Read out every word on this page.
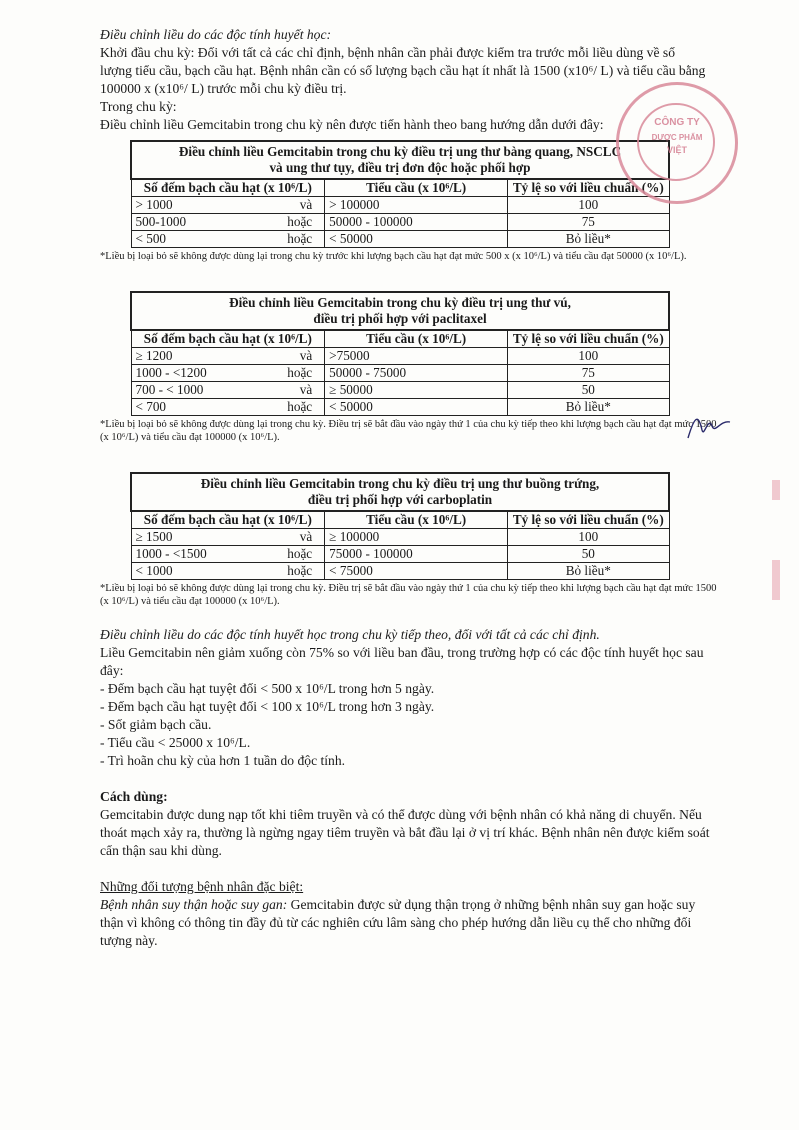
Điều chỉnh liều do các độc tính huyết học:

Khởi đầu chu kỳ: Đối với tất cả các chỉ định, bệnh nhân cần phải được kiểm tra trước mỗi liều dùng về số lượng tiểu cầu, bạch cầu hạt. Bệnh nhân cần có số lượng bạch cầu hạt ít nhất là 1500 (x10⁶/ L) và tiểu cầu bằng 100000 x (x10⁶/ L) trước mỗi chu kỳ điều trị.

Trong chu kỳ:

Điều chỉnh liều Gemcitabin trong chu kỳ nên được tiến hành theo bang hướng dẫn dưới đây:

Điều chỉnh liều Gemcitabin trong chu kỳ điều trị ung thư bàng quang, NSCLC
và ung thư tụy, điều trị đơn độc hoặc phối hợp		

Số đếm bạch cầu hạt (x 10⁶/L)	Tiểu cầu (x 10⁶/L)	Tỷ lệ so với liều chuẩn (%)

> 1000 và	> 100000	100

500-1000 hoặc	50000 - 100000	75

< 500 hoặc	< 50000	Bỏ liều*

*Liều bị loại bỏ sẽ không được dùng lại trong chu kỳ trước khi lượng bạch cầu hạt đạt mức 500 x (x 10⁶/L) và tiểu cầu đạt 50000 (x 10⁶/L).

Điều chỉnh liều Gemcitabin trong chu kỳ điều trị ung thư vú,
điều trị phối hợp với paclitaxel		

Số đếm bạch cầu hạt (x 10⁶/L)	Tiểu cầu (x 10⁶/L)	Tỷ lệ so với liều chuẩn (%)

≥ 1200 và	>75000	100

1000 - <1200 hoặc	50000 - 75000	75

700 - < 1000 và	≥ 50000	50

< 700 hoặc	< 50000	Bỏ liều*

*Liều bị loại bỏ sẽ không được dùng lại trong chu kỳ. Điều trị sẽ bắt đầu vào ngày thứ 1 của chu kỳ tiếp theo khi lượng bạch cầu hạt đạt mức 1500 (x 10⁶/L) và tiểu cầu đạt 100000 (x 10⁶/L).

Điều chỉnh liều Gemcitabin trong chu kỳ điều trị ung thư buồng trứng,
điều trị phối hợp với carboplatin		

Số đếm bạch cầu hạt (x 10⁶/L)	Tiểu cầu (x 10⁶/L)	Tỷ lệ so với liều chuẩn (%)

≥ 1500 và	≥ 100000	100

1000 - <1500 hoặc	75000 - 100000	50

< 1000 hoặc	< 75000	Bỏ liều*

*Liều bị loại bỏ sẽ không được dùng lại trong chu kỳ. Điều trị sẽ bắt đầu vào ngày thứ 1 của chu kỳ tiếp theo khi lượng bạch cầu hạt đạt mức 1500 (x 10⁶/L) và tiểu cầu đạt 100000 (x 10⁶/L).

Điều chỉnh liều do các độc tính huyết học trong chu kỳ tiếp theo, đối với tất cả các chỉ định.

Liều Gemcitabin nên giảm xuống còn 75% so với liều ban đầu, trong trường hợp có các độc tính huyết học sau đây:

- Đếm bạch cầu hạt tuyệt đối < 500 x 10⁶/L trong hơn 5 ngày.
- Đếm bạch cầu hạt tuyệt đối < 100 x 10⁶/L trong hơn 3 ngày.
- Sốt giảm bạch cầu.
- Tiểu cầu < 25000 x 10⁶/L.
- Trì hoãn chu kỳ của hơn 1 tuần do độc tính.

Cách dùng:

Gemcitabin được dung nạp tốt khi tiêm truyền và có thể được dùng với bệnh nhân có khả năng di chuyển. Nếu thoát mạch xảy ra, thường là ngừng ngay tiêm truyền và bắt đầu lại ở vị trí khác. Bệnh nhân nên được kiểm soát cẩn thận sau khi dùng.

Những đối tượng bệnh nhân đặc biệt:

Bệnh nhân suy thận hoặc suy gan: Gemcitabin được sử dụng thận trọng ở những bệnh nhân suy gan hoặc suy thận vì không có thông tin đầy đủ từ các nghiên cứu lâm sàng cho phép hướng dẫn liều cụ thể cho những đối tượng này.

CÔNG TY
DƯỢC PHẨM
VIỆT
